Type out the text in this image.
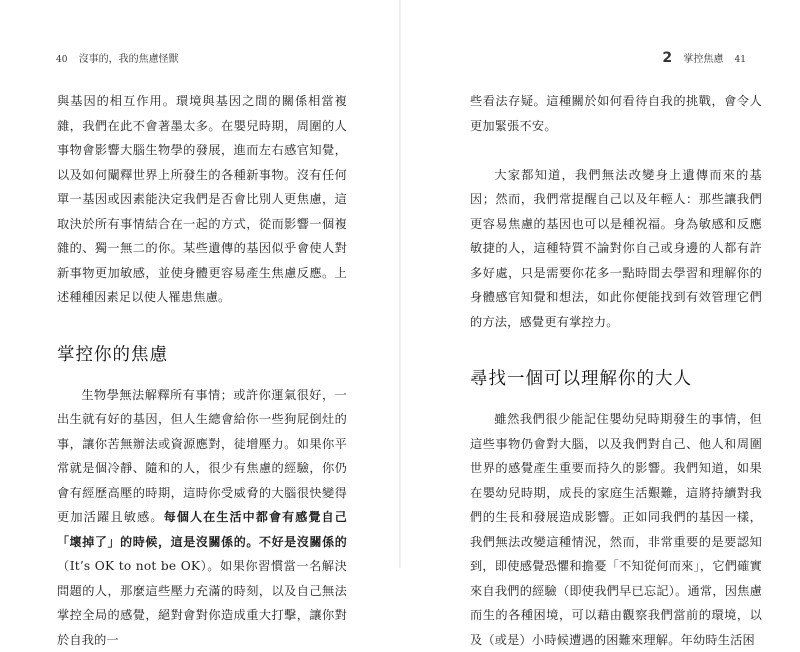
40 沒事的，我的焦慮怪獸

與基因的相互作用。環境與基因之間的關係相當複雜，我們在此不會著墨太多。在嬰兒時期，周圍的人事物會影響大腦生物學的發展，進而左右感官知覺，以及如何闡釋世界上所發生的各種新事物。沒有任何單一基因或因素能決定我們是否會比別人更焦慮，這取決於所有事情結合在一起的方式，從而影響一個複雜的、獨一無二的你。某些遺傳的基因似乎會使人對新事物更加敏感，並使身體更容易產生焦慮反應。上述種種因素足以使人罹患焦慮。

掌控你的焦慮

生物學無法解釋所有事情；或許你運氣很好，一出生就有好的基因，但人生總會給你一些狗屁倒灶的事，讓你苦無辦法或資源應對，徒增壓力。如果你平常就是個冷靜、隨和的人，很少有焦慮的經驗，你仍會有經歷高壓的時期，這時你受威脅的大腦很快變得更加活躍且敏感。每個人在生活中都會有感覺自己「壞掉了」的時候，這是沒關係的。不好是沒關係的（It’s OK to not be OK）。如果你習慣當一名解決問題的人，那麼這些壓力充滿的時刻，以及自己無法掌控全局的感覺，絕對會對你造成重大打擊，讓你對於自我的一

2 掌控焦慮 41

些看法存疑。這種關於如何看待自我的挑戰，會令人更加緊張不安。

大家都知道，我們無法改變身上遺傳而來的基因；然而，我們常提醒自己以及年輕人：那些讓我們更容易焦慮的基因也可以是種祝福。身為敏感和反應敏捷的人，這種特質不論對你自己或身邊的人都有許多好處，只是需要你花多一點時間去學習和理解你的身體感官知覺和想法，如此你便能找到有效管理它們的方法，感覺更有掌控力。

尋找一個可以理解你的大人

雖然我們很少能記住嬰幼兒時期發生的事情，但這些事物仍會對大腦，以及我們對自己、他人和周圍世界的感覺產生重要而持久的影響。我們知道，如果在嬰幼兒時期，成長的家庭生活艱難，這將持續對我們的生長和發展造成影響。正如同我們的基因一樣，我們無法改變這種情況，然而，非常重要的是要認知到，即使感覺恐懼和擔憂「不知從何而來」，它們確實來自我們的經驗（即使我們早已忘記）。通常，因焦慮而生的各種困境，可以藉由觀察我們當前的環境，以及（或是）小時候遭遇的困難來理解。年幼時生活困
